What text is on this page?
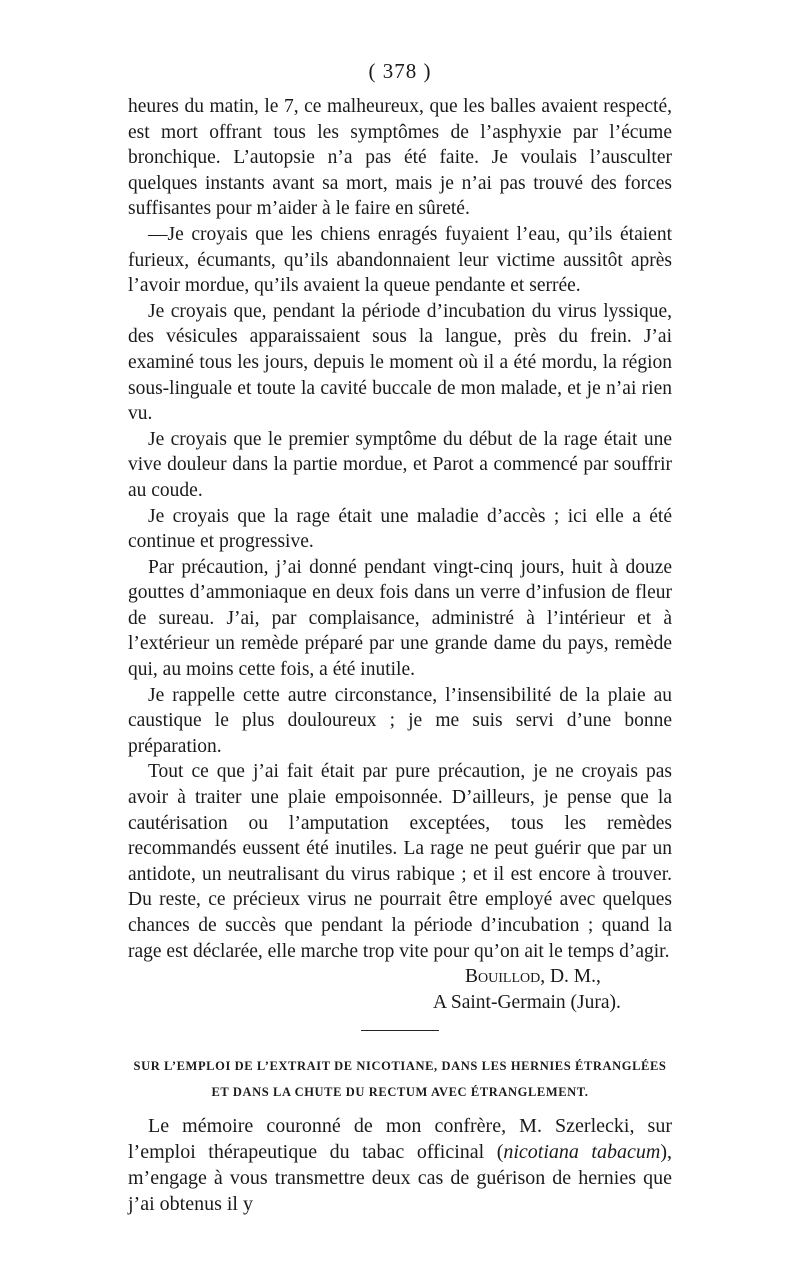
( 378 )

heures du matin, le 7, ce malheureux, que les balles avaient respecté, est mort offrant tous les symptômes de l’asphyxie par l’écume bronchique. L’autopsie n’a pas été faite. Je voulais l’ausculter quelques instants avant sa mort, mais je n’ai pas trouvé des forces suffisantes pour m’aider à le faire en sûreté.

—Je croyais que les chiens enragés fuyaient l’eau, qu’ils étaient furieux, écumants, qu’ils abandonnaient leur victime aussitôt après l’avoir mordue, qu’ils avaient la queue pendante et serrée.

Je croyais que, pendant la période d’incubation du virus lyssique, des vésicules apparaissaient sous la langue, près du frein. J’ai examiné tous les jours, depuis le moment où il a été mordu, la région sous-linguale et toute la cavité buccale de mon malade, et je n’ai rien vu.

Je croyais que le premier symptôme du début de la rage était une vive douleur dans la partie mordue, et Parot a commencé par souffrir au coude.

Je croyais que la rage était une maladie d’accès ; ici elle a été continue et progressive.

Par précaution, j’ai donné pendant vingt-cinq jours, huit à douze gouttes d’ammoniaque en deux fois dans un verre d’infusion de fleur de sureau. J’ai, par complaisance, administré à l’intérieur et à l’extérieur un remède préparé par une grande dame du pays, remède qui, au moins cette fois, a été inutile.

Je rappelle cette autre circonstance, l’insensibilité de la plaie au caustique le plus douloureux ; je me suis servi d’une bonne préparation.

Tout ce que j’ai fait était par pure précaution, je ne croyais pas avoir à traiter une plaie empoisonnée. D’ailleurs, je pense que la cautérisation ou l’amputation exceptées, tous les remèdes recommandés eussent été inutiles. La rage ne peut guérir que par un antidote, un neutralisant du virus rabique ; et il est encore à trouver. Du reste, ce précieux virus ne pourrait être employé avec quelques chances de succès que pendant la période d’incubation ; quand la rage est déclarée, elle marche trop vite pour qu’on ait le temps d’agir.

Bouillod, D. M.,
A Saint-Germain (Jura).
SUR L’EMPLOI DE L’EXTRAIT DE NICOTIANE, DANS LES HERNIES ÉTRANGLÉES
ET DANS LA CHUTE DU RECTUM AVEC ÉTRANGLEMENT.

Le mémoire couronné de mon confrère, M. Szerlecki, sur l’emploi thérapeutique du tabac officinal (nicotiana tabacum), m’engage à vous transmettre deux cas de guérison de hernies que j’ai obtenus il y
